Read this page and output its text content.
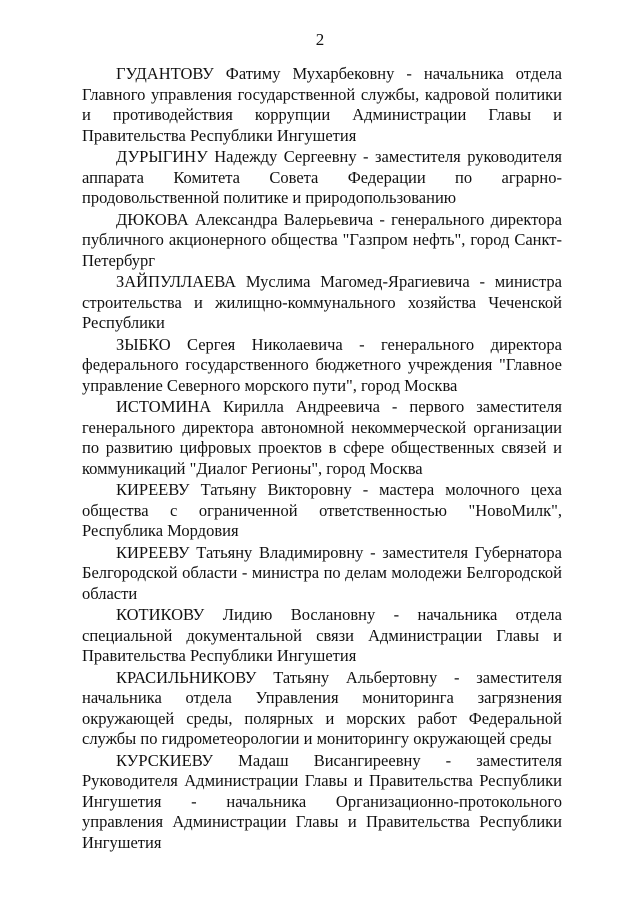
2

ГУДАНТОВУ Фатиму Мухарбековну - начальника отдела Главного управления государственной службы, кадровой политики и противодействия коррупции Администрации Главы и Правительства Республики Ингушетия

ДУРЫГИНУ Надежду Сергеевну - заместителя руководителя аппарата Комитета Совета Федерации по аграрно-продовольственной политике и природопользованию

ДЮКОВА Александра Валерьевича - генерального директора публичного акционерного общества "Газпром нефть", город Санкт-Петербург

ЗАЙПУЛЛАЕВА Муслима Магомед-Ярагиевича - министра строительства и жилищно-коммунального хозяйства Чеченской Республики

ЗЫБКО Сергея Николаевича - генерального директора федерального государственного бюджетного учреждения "Главное управление Северного морского пути", город Москва

ИСТОМИНА Кирилла Андреевича - первого заместителя генерального директора автономной некоммерческой организации по развитию цифровых проектов в сфере общественных связей и коммуникаций "Диалог Регионы", город Москва

КИРЕЕВУ Татьяну Викторовну - мастера молочного цеха общества с ограниченной ответственностью "НовоМилк", Республика Мордовия

КИРЕЕВУ Татьяну Владимировну - заместителя Губернатора Белгородской области - министра по делам молодежи Белгородской области

КОТИКОВУ Лидию Вослановну - начальника отдела специальной документальной связи Администрации Главы и Правительства Республики Ингушетия

КРАСИЛЬНИКОВУ Татьяну Альбертовну - заместителя начальника отдела Управления мониторинга загрязнения окружающей среды, полярных и морских работ Федеральной службы по гидрометеорологии и мониторингу окружающей среды

КУРСКИЕВУ Мадаш Висангиреевну - заместителя Руководителя Администрации Главы и Правительства Республики Ингушетия - начальника Организационно-протокольного управления Администрации Главы и Правительства Республики Ингушетия
